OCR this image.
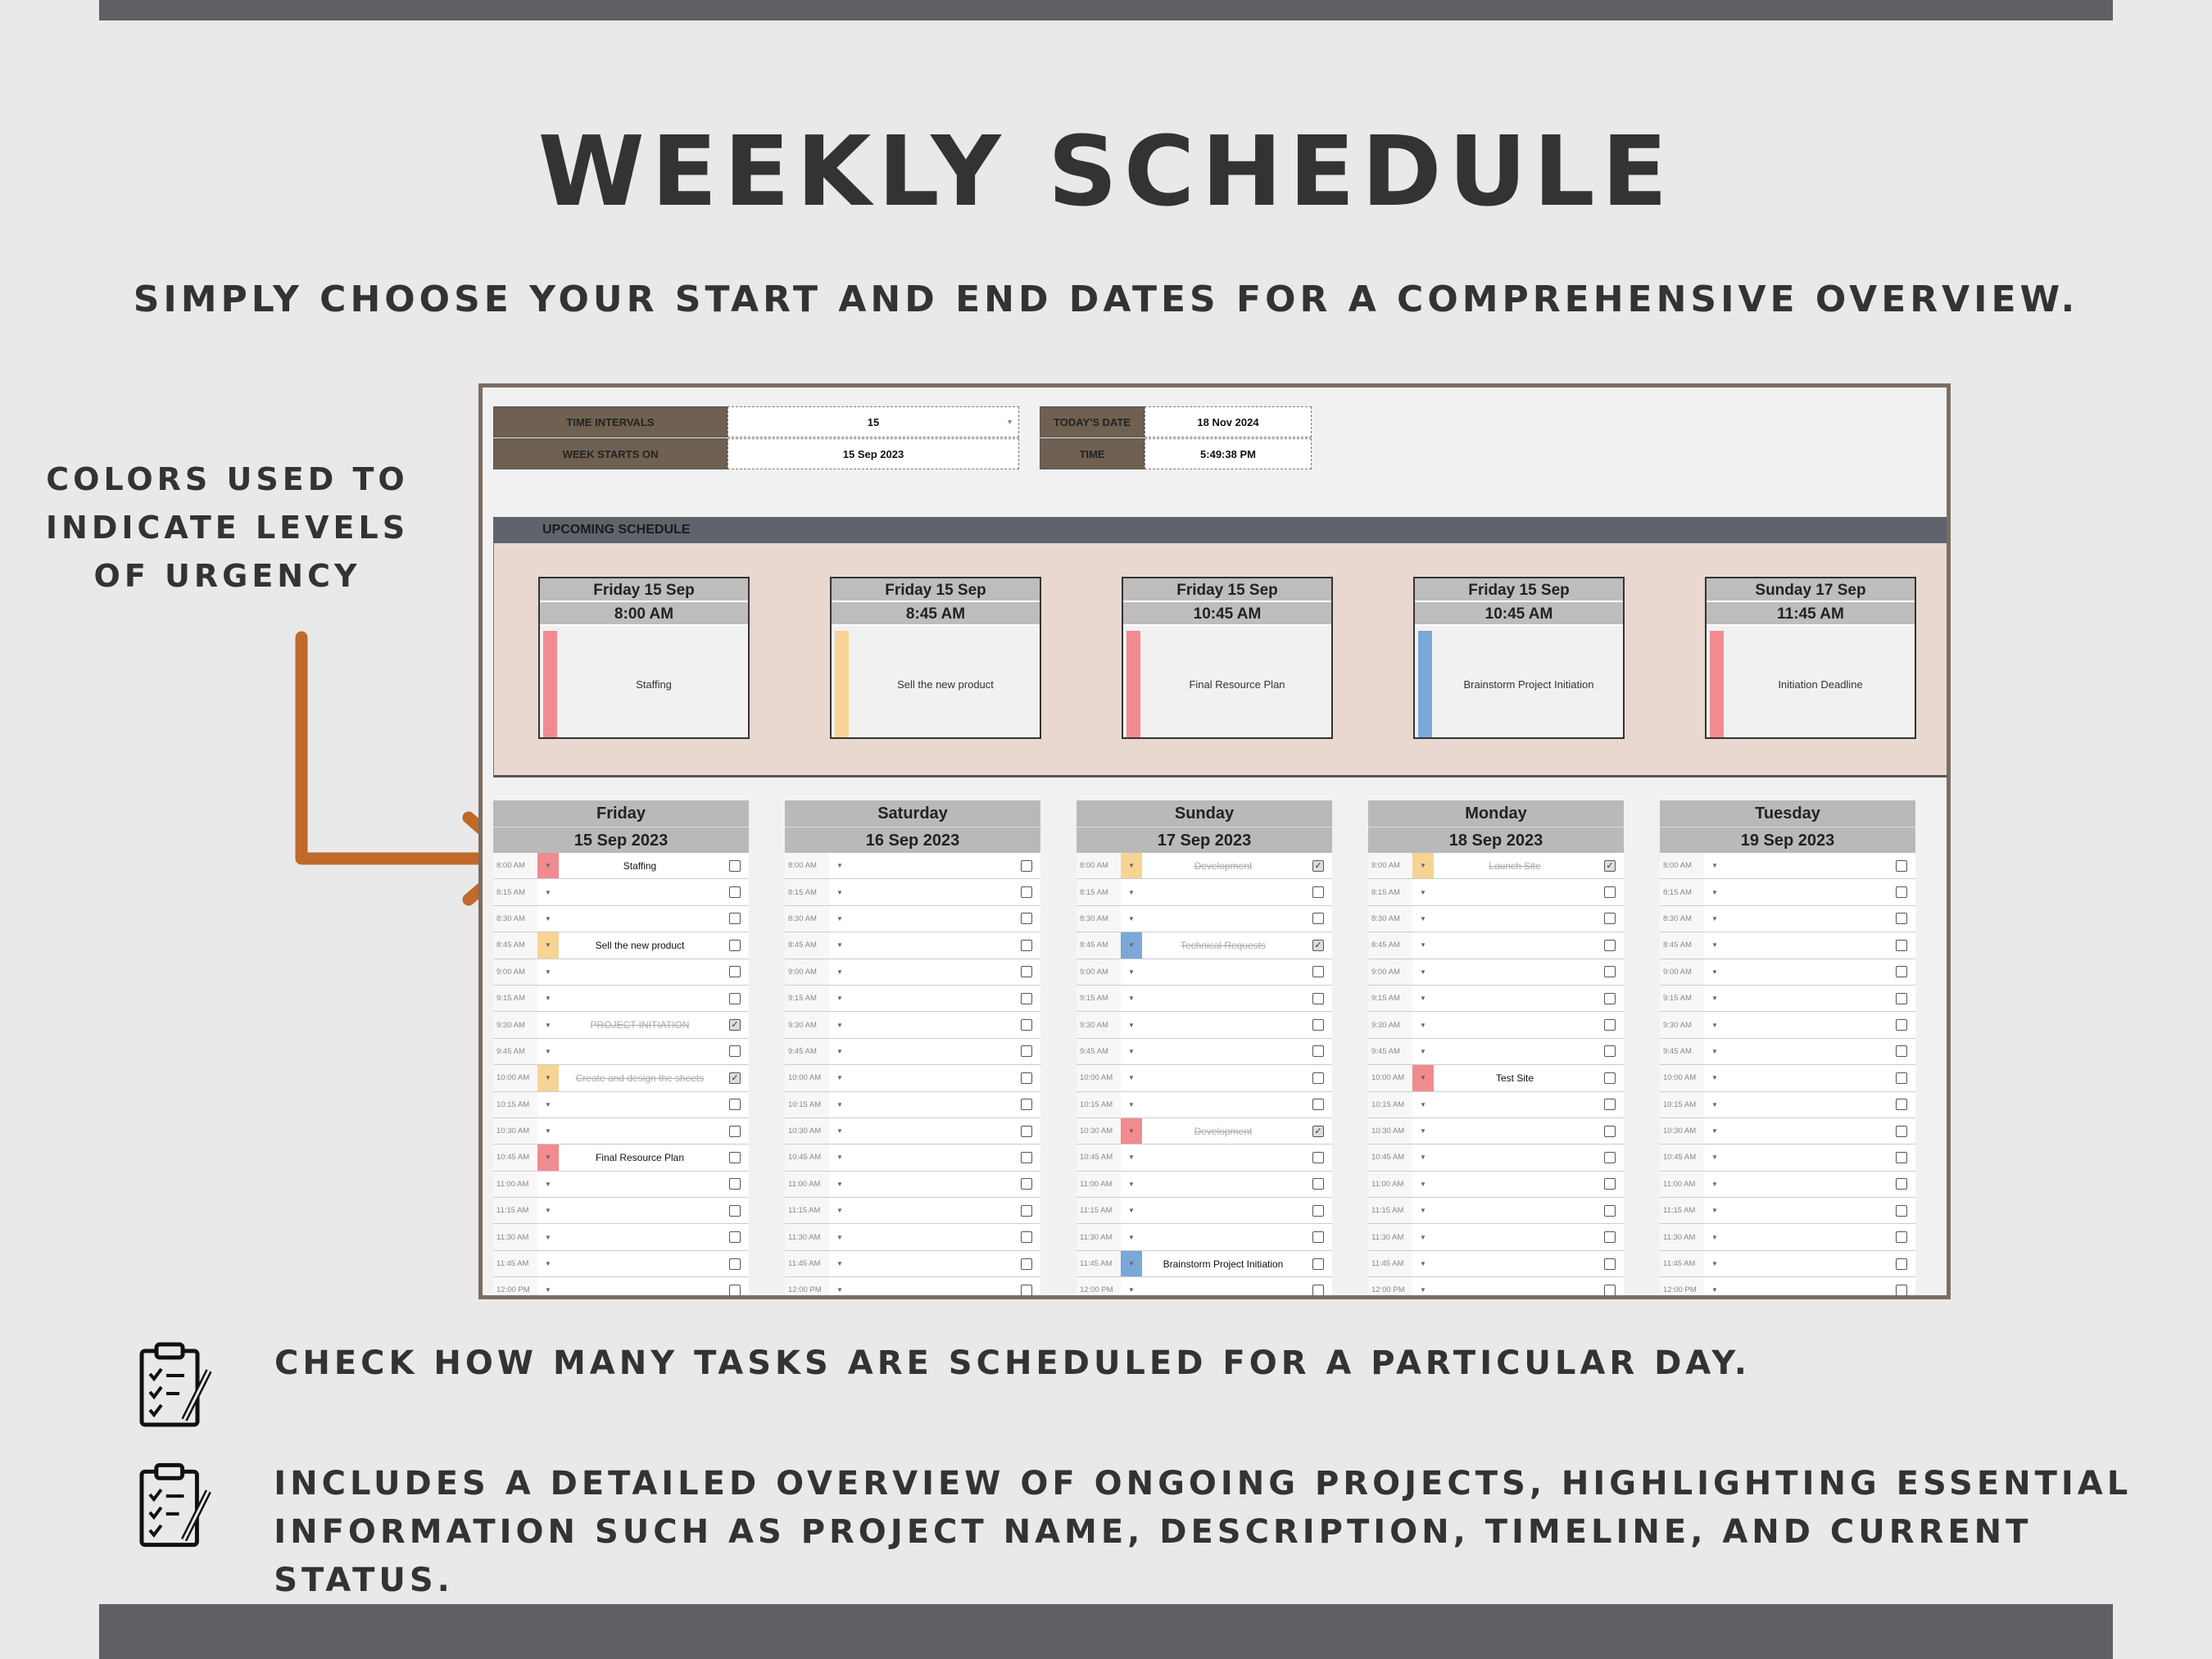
WEEKLY SCHEDULE
SIMPLY CHOOSE YOUR START AND END DATES FOR A COMPREHENSIVE OVERVIEW.
COLORS USED TO
INDICATE LEVELS
OF URGENCY
TIME INTERVALS	15	▼
WEEK STARTS ON	15 Sep 2023
TODAY'S DATE	18 Nov 2024
TIME	5:49:38 PM
UPCOMING SCHEDULE
Friday 15 Sep
8:00 AM
Staffing
Friday 15 Sep
8:45 AM
Sell the new product
Friday 15 Sep
10:45 AM
Final Resource Plan
Friday 15 Sep
10:45 AM
Brainstorm Project Initiation
Sunday 17 Sep
11:45 AM
Initiation Deadline
Friday
15 Sep 2023
8:00 AM	▼	Staffing
8:15 AM	▼
8:30 AM	▼
8:45 AM	▼	Sell the new product
9:00 AM	▼
9:15 AM	▼
9:30 AM	▼	PROJECT INITIATION	✓
9:45 AM	▼
10:00 AM	▼	Create and design the sheets	✓
10:15 AM	▼
10:30 AM	▼
10:45 AM	▼	Final Resource Plan
11:00 AM	▼
11:15 AM	▼
11:30 AM	▼
11:45 AM	▼
12:00 PM	▼
Saturday
16 Sep 2023
8:00 AM	▼
8:15 AM	▼
8:30 AM	▼
8:45 AM	▼
9:00 AM	▼
9:15 AM	▼
9:30 AM	▼
9:45 AM	▼
10:00 AM	▼
10:15 AM	▼
10:30 AM	▼
10:45 AM	▼
11:00 AM	▼
11:15 AM	▼
11:30 AM	▼
11:45 AM	▼
12:00 PM	▼
Sunday
17 Sep 2023
8:00 AM	▼	Development	✓
8:15 AM	▼
8:30 AM	▼
8:45 AM	▼	Technical Requests	✓
9:00 AM	▼
9:15 AM	▼
9:30 AM	▼
9:45 AM	▼
10:00 AM	▼
10:15 AM	▼
10:30 AM	▼	Development	✓
10:45 AM	▼
11:00 AM	▼
11:15 AM	▼
11:30 AM	▼
11:45 AM	▼	Brainstorm Project Initiation
12:00 PM	▼
Monday
18 Sep 2023
8:00 AM	▼	Launch Site	✓
8:15 AM	▼
8:30 AM	▼
8:45 AM	▼
9:00 AM	▼
9:15 AM	▼
9:30 AM	▼
9:45 AM	▼
10:00 AM	▼	Test Site
10:15 AM	▼
10:30 AM	▼
10:45 AM	▼
11:00 AM	▼
11:15 AM	▼
11:30 AM	▼
11:45 AM	▼
12:00 PM	▼
Tuesday
19 Sep 2023
8:00 AM	▼
8:15 AM	▼
8:30 AM	▼
8:45 AM	▼
9:00 AM	▼
9:15 AM	▼
9:30 AM	▼
9:45 AM	▼
10:00 AM	▼
10:15 AM	▼
10:30 AM	▼
10:45 AM	▼
11:00 AM	▼
11:15 AM	▼
11:30 AM	▼
11:45 AM	▼
12:00 PM	▼
CHECK HOW MANY TASKS ARE SCHEDULED FOR A PARTICULAR DAY.
INCLUDES A DETAILED OVERVIEW OF ONGOING PROJECTS, HIGHLIGHTING ESSENTIAL
INFORMATION SUCH AS PROJECT NAME, DESCRIPTION, TIMELINE, AND CURRENT STATUS.
